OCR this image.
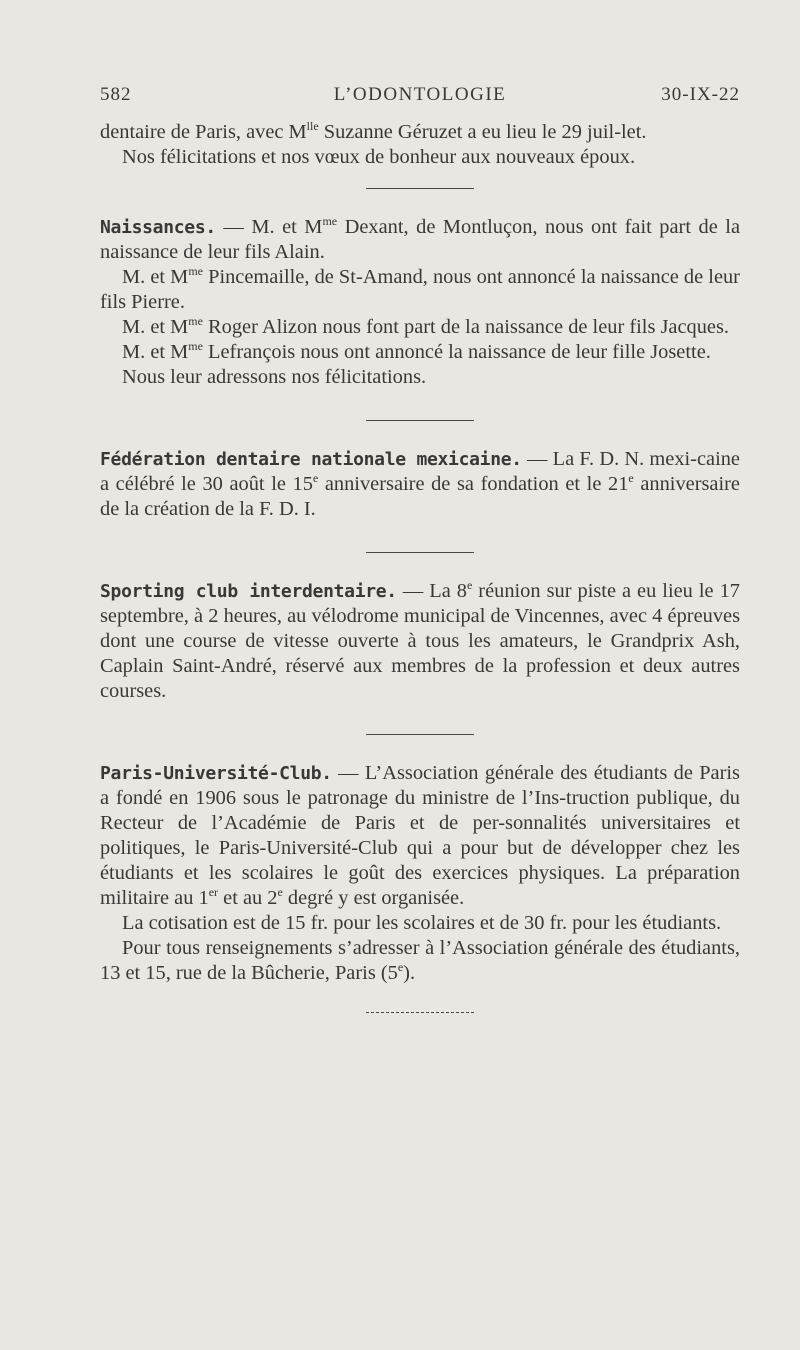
582	L’ODONTOLOGIE	30-IX-22

dentaire de Paris, avec $M^{lle}$ Suzanne Géruzet a eu lieu le 29 juil-let.

Nos félicitations et nos vœux de bonheur aux nouveaux époux.

Naissances. — M. et $M^{me}$ Dexant, de Montluçon, nous ont fait part de la naissance de leur fils Alain.

M. et $M^{me}$ Pincemaille, de St-Amand, nous ont annoncé la naissance de leur fils Pierre.

M. et $M^{me}$ Roger Alizon nous font part de la naissance de leur fils Jacques.

M. et $M^{me}$ Lefrançois nous ont annoncé la naissance de leur fille Josette.

Nous leur adressons nos félicitations.

Fédération dentaire nationale mexicaine. — La F. D. N. mexi-caine a célébré le 30 août le 15e anniversaire de sa fondation et le 21e anniversaire de la création de la F. D. I.

Sporting club interdentaire. — La 8e réunion sur piste a eu lieu le 17 septembre, à 2 heures, au vélodrome municipal de Vincennes, avec 4 épreuves dont une course de vitesse ouverte à tous les amateurs, le Grandprix Ash, Caplain Saint-André, réservé aux membres de la profession et deux autres courses.

Paris-Université-Club. — L’Association générale des étudiants de Paris a fondé en 1906 sous le patronage du ministre de l’Ins-truction publique, du Recteur de l’Académie de Paris et de per-sonnalités universitaires et politiques, le Paris-Université-Club qui a pour but de développer chez les étudiants et les scolaires le goût des exercices physiques. La préparation militaire au 1er et au 2e degré y est organisée.

La cotisation est de 15 fr. pour les scolaires et de 30 fr. pour les étudiants.

Pour tous renseignements s’adresser à l’Association générale des étudiants, 13 et 15, rue de la Bûcherie, Paris (5e).
